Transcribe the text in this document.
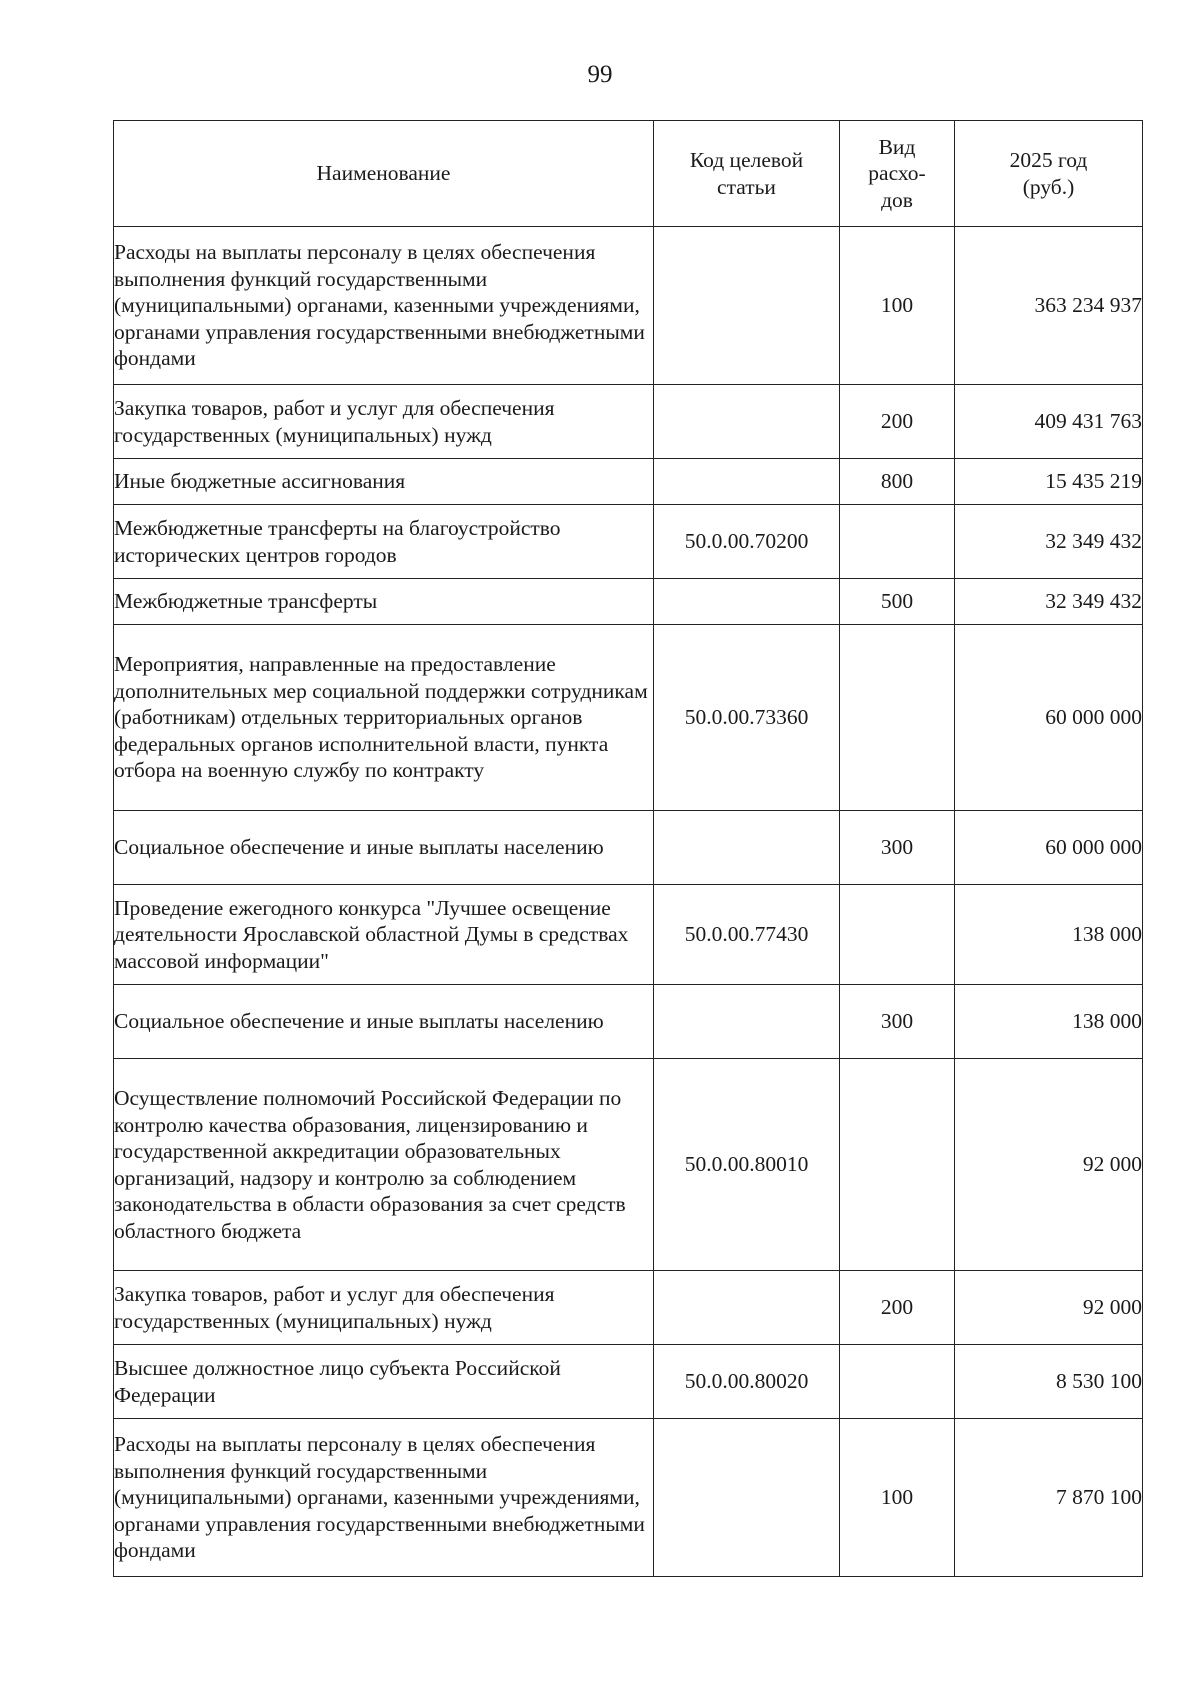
99
Наименование	Код целевой статьи	Вид расхо- дов	2025 год (руб.)
Расходы на выплаты персоналу в целях обеспечения выполнения функций государственными (муниципальными) органами, казенными учреждениями, органами управления государственными внебюджетными фондами		100	363 234 937
Закупка товаров, работ и услуг для обеспечения государственных (муниципальных) нужд		200	409 431 763
Иные бюджетные ассигнования		800	15 435 219
Межбюджетные трансферты на благоустройство исторических центров городов	50.0.00.70200		32 349 432
Межбюджетные трансферты		500	32 349 432
Мероприятия, направленные на предоставление дополнительных мер социальной поддержки сотрудникам (работникам) отдельных территориальных органов федеральных органов исполнительной власти, пункта отбора на военную службу по контракту	50.0.00.73360		60 000 000
Социальное обеспечение и иные выплаты населению		300	60 000 000
Проведение ежегодного конкурса "Лучшее освещение деятельности Ярославской областной Думы в средствах массовой информации"	50.0.00.77430		138 000
Социальное обеспечение и иные выплаты населению		300	138 000
Осуществление полномочий Российской Федерации по контролю качества образования, лицензированию и государственной аккредитации образовательных организаций, надзору и контролю за соблюдением законодательства в области образования за счет средств областного бюджета	50.0.00.80010		92 000
Закупка товаров, работ и услуг для обеспечения государственных (муниципальных) нужд		200	92 000
Высшее должностное лицо субъекта Российской Федерации	50.0.00.80020		8 530 100
Расходы на выплаты персоналу в целях обеспечения выполнения функций государственными (муниципальными) органами, казенными учреждениями, органами управления государственными внебюджетными фондами		100	7 870 100
